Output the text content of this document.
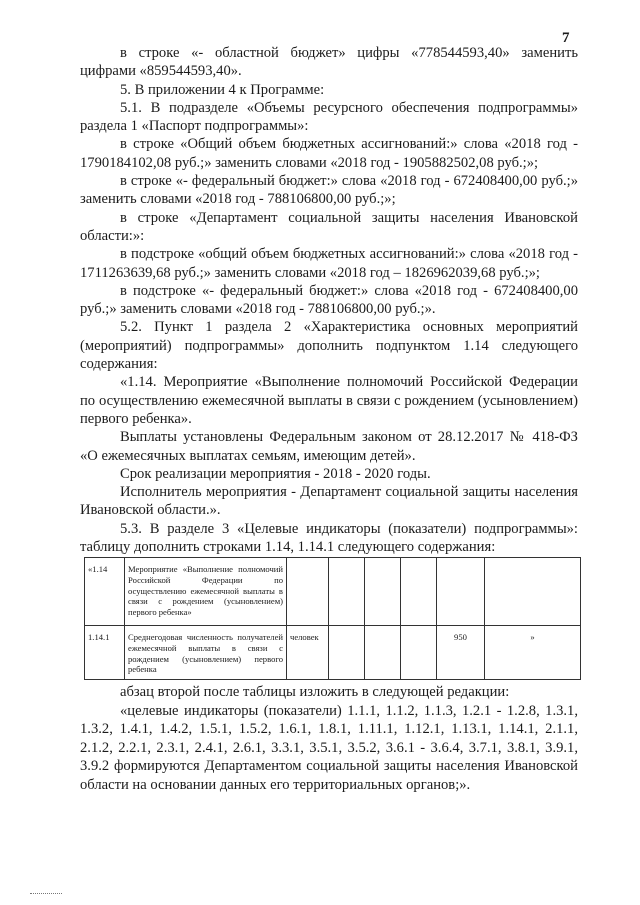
7

в строке «- областной бюджет» цифры «778544593,40» заменить цифрами «859544593,40».

5. В приложении 4 к Программе:

5.1. В подразделе «Объемы ресурсного обеспечения подпрограммы» раздела 1 «Паспорт подпрограммы»:

в строке «Общий объем бюджетных ассигнований:» слова «2018 год - 1790184102,08 руб.;» заменить словами «2018 год - 1905882502,08 руб.;»;

в строке «- федеральный бюджет:» слова «2018 год - 672408400,00 руб.;» заменить словами «2018 год - 788106800,00 руб.;»;

в строке «Департамент социальной защиты населения Ивановской области:»:

в подстроке «общий объем бюджетных ассигнований:» слова «2018 год - 1711263639,68 руб.;» заменить словами «2018 год – 1826962039,68 руб.;»;

в подстроке «- федеральный бюджет:» слова «2018 год - 672408400,00 руб.;» заменить словами «2018 год - 788106800,00 руб.;».

5.2. Пункт 1 раздела 2 «Характеристика основных мероприятий (мероприятий) подпрограммы» дополнить подпунктом 1.14 следующего содержания:

«1.14. Мероприятие «Выполнение полномочий Российской Федерации по осуществлению ежемесячной выплаты в связи с рождением (усыновлением) первого ребенка».

Выплаты установлены Федеральным законом от 28.12.2017 № 418-ФЗ «О ежемесячных выплатах семьям, имеющим детей».

Срок реализации мероприятия - 2018 - 2020 годы.

Исполнитель мероприятия - Департамент социальной защиты населения Ивановской области.».

5.3. В разделе 3 «Целевые индикаторы (показатели) подпрограммы»: таблицу дополнить строками 1.14, 1.14.1 следующего содержания:

«1.14	Мероприятие «Выполнение полномочий Российской Федерации по осуществлению ежемесячной выплаты в связи с рождением (усыновлением) первого ребенка»						
1.14.1	Среднегодовая численность получателей ежемесячной выплаты в связи с рождением (усыновлением) первого ребенка	человек				950	»

абзац второй после таблицы изложить в следующей редакции:

«целевые индикаторы (показатели) 1.1.1, 1.1.2, 1.1.3, 1.2.1 - 1.2.8, 1.3.1, 1.3.2, 1.4.1, 1.4.2, 1.5.1, 1.5.2, 1.6.1, 1.8.1, 1.11.1, 1.12.1, 1.13.1, 1.14.1, 2.1.1, 2.1.2, 2.2.1, 2.3.1, 2.4.1, 2.6.1, 3.3.1, 3.5.1, 3.5.2, 3.6.1 - 3.6.4, 3.7.1, 3.8.1, 3.9.1, 3.9.2 формируются Департаментом социальной защиты населения Ивановской области на основании данных его территориальных органов;».
